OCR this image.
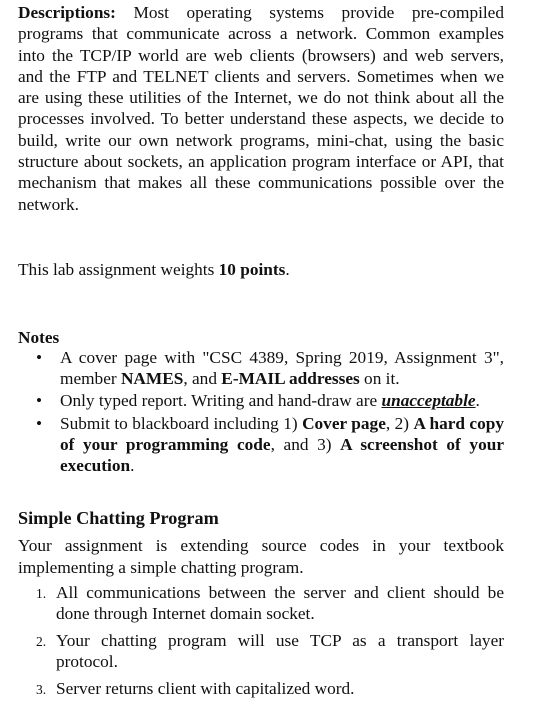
Descriptions: Most operating systems provide pre-compiled programs that communicate across a network. Common examples into the TCP/IP world are web clients (browsers) and web servers, and the FTP and TELNET clients and servers. Sometimes when we are using these utilities of the Internet, we do not think about all the processes involved. To better understand these aspects, we decide to build, write our own network programs, mini-chat, using the basic structure about sockets, an application program interface or API, that mechanism that makes all these communications possible over the network.
This lab assignment weights 10 points.
Notes
• A cover page with "CSC 4389, Spring 2019, Assignment 3", member NAMES, and E-MAIL addresses on it.
• Only typed report. Writing and hand-draw are unacceptable.
• Submit to blackboard including 1) Cover page, 2) A hard copy of your programming code, and 3) A screenshot of your execution.
Simple Chatting Program
Your assignment is extending source codes in your textbook implementing a simple chatting program.
1. All communications between the server and client should be done through Internet domain socket.
2. Your chatting program will use TCP as a transport layer protocol.
3. Server returns client with capitalized word.
